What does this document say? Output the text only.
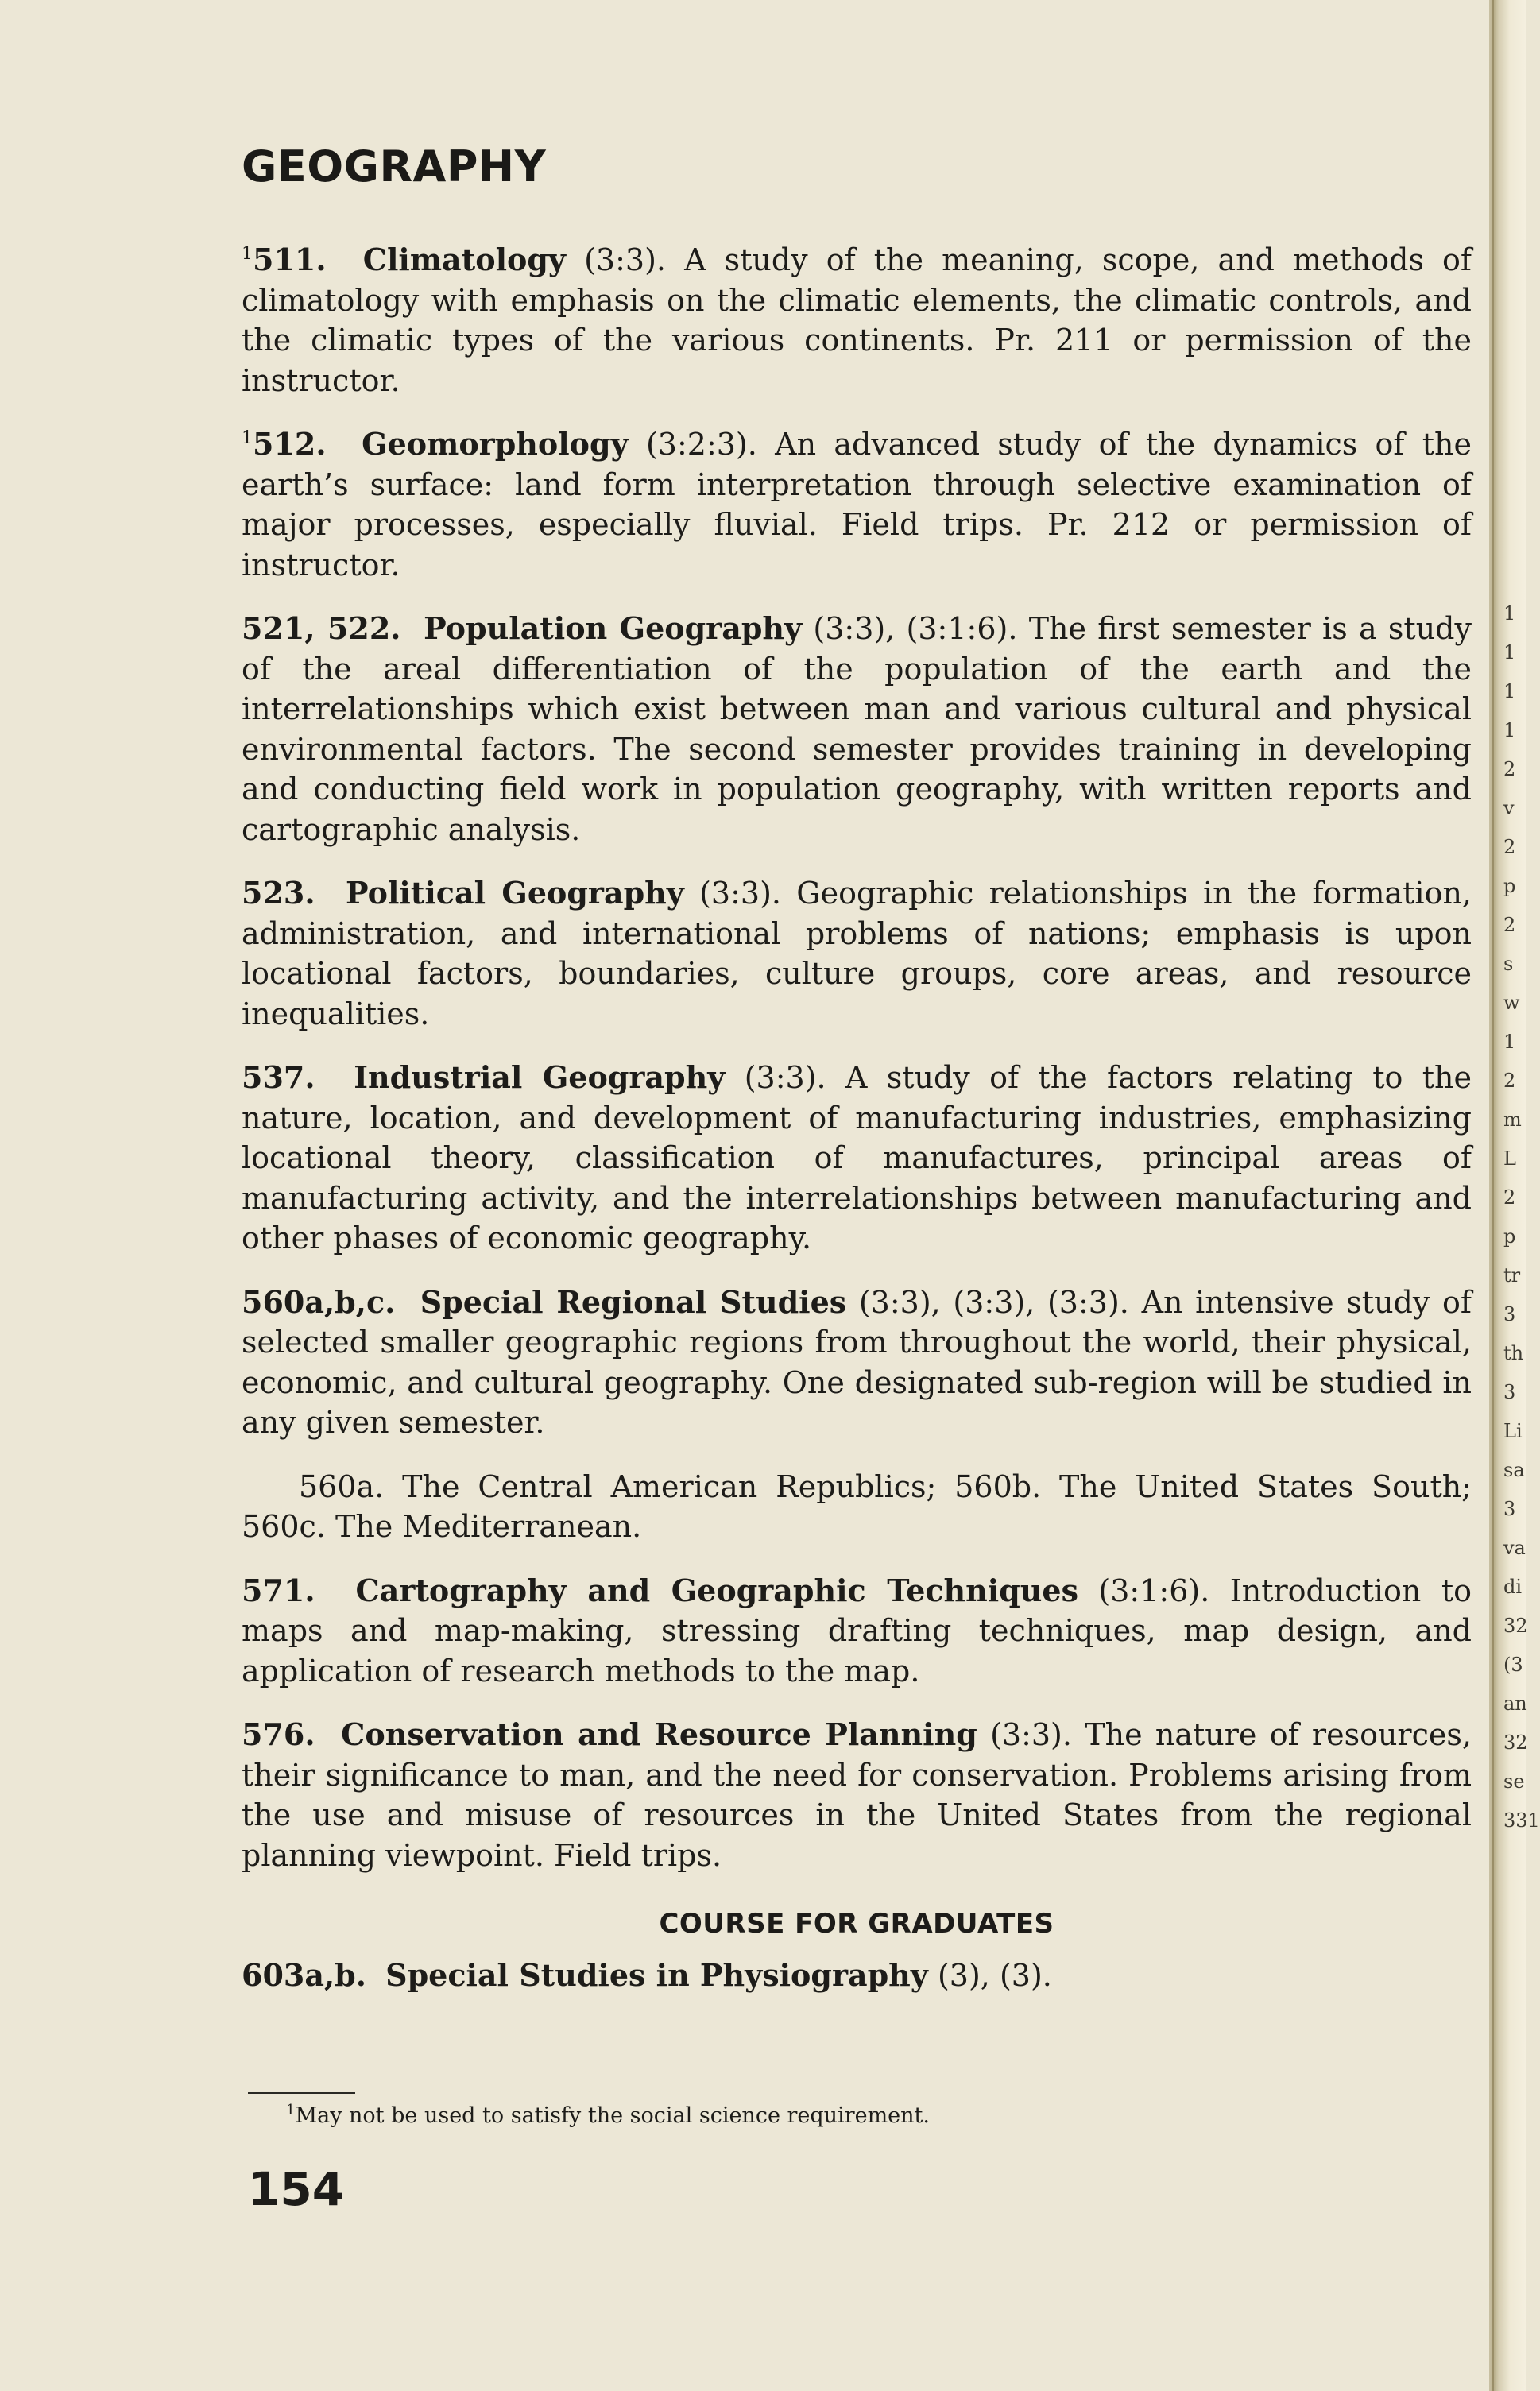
1
1
1
1
2
v
2
p
2
s
w
1
2
m
L
2
p
tr
3
th
3
Li
sa
3
va
di
32
(3
an
32
se
331
GEOGRAPHY

$^1$511. Climatology (3:3). A study of the meaning, scope, and methods of climatology with emphasis on the climatic elements, the climatic controls, and the climatic types of the various continents. Pr. 211 or permission of the instructor.

$^1$512. Geomorphology (3:2:3). An advanced study of the dynamics of the earth’s surface: land form interpretation through selective examination of major processes, especially fluvial. Field trips. Pr. 212 or permission of instructor.

521, 522. Population Geography (3:3), (3:1:6). The first semester is a study of the areal differentiation of the population of the earth and the interrelationships which exist between man and various cultural and physical environmental factors. The second semester provides training in developing and conducting field work in population geography, with written reports and cartographic analysis.

523. Political Geography (3:3). Geographic relationships in the formation, administration, and international problems of nations; emphasis is upon locational factors, boundaries, culture groups, core areas, and resource inequalities.

537. Industrial Geography (3:3). A study of the factors relating to the nature, location, and development of manufacturing industries, emphasizing locational theory, classification of manufactures, principal areas of manufacturing activity, and the interrelationships between manufacturing and other phases of economic geography.

560a,b,c. Special Regional Studies (3:3), (3:3), (3:3). An intensive study of selected smaller geographic regions from throughout the world, their physical, economic, and cultural geography. One designated sub-region will be studied in any given semester.

560a. The Central American Republics; 560b. The United States South; 560c. The Mediterranean.

571. Cartography and Geographic Techniques (3:1:6). Introduction to maps and map-making, stressing drafting techniques, map design, and application of research methods to the map.

576. Conservation and Resource Planning (3:3). The nature of resources, their significance to man, and the need for conservation. Problems arising from the use and misuse of resources in the United States from the regional planning viewpoint. Field trips.

COURSE FOR GRADUATES

603a,b. Special Studies in Physiography (3), (3).

$^1$May not be used to satisfy the social science requirement.
154
